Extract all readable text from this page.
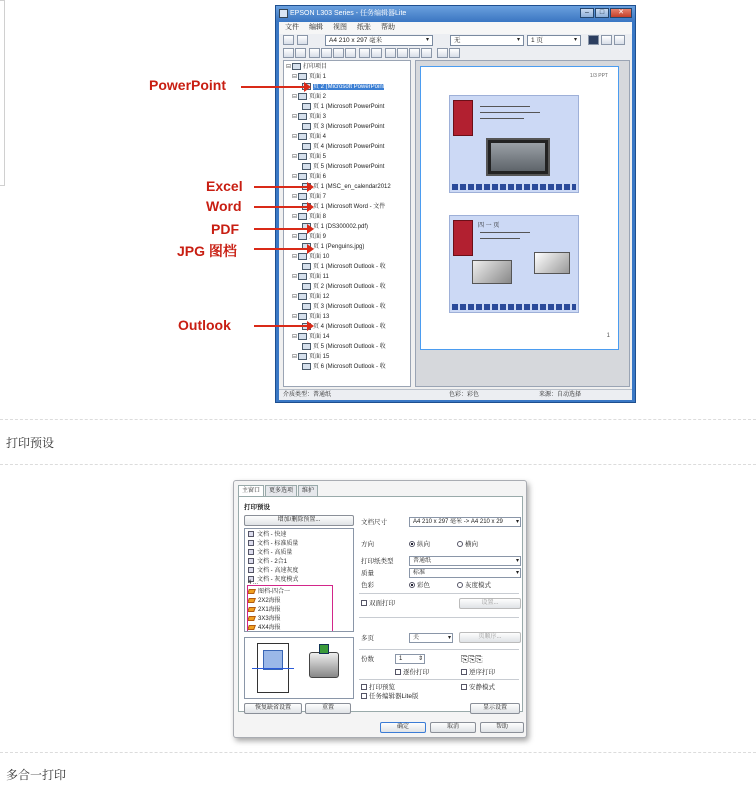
EPSON L303 Series - 任务编辑器Lite	–	□	✕
文件 编辑 视图 纸张 帮助
A4 210 x 297 毫米	▾	无	▾	1 页	▾
⊟ 打印项目
⊟ 页面 1
页 2 (Microsoft PowerPoint
⊟ 页面 2
页 1 (Microsoft PowerPoint
⊟ 页面 3
页 3 (Microsoft PowerPoint
⊟ 页面 4
页 4 (Microsoft PowerPoint
⊟ 页面 5
页 5 (Microsoft PowerPoint
⊟ 页面 6
页 1 (MSC_en_calendar2012
⊟ 页面 7
页 1 (Microsoft Word - 文件
⊟ 页面 8
页 1 (DS300002.pdf)
⊟ 页面 9
页 1 (Penguins.jpg)
⊟ 页面 10
页 1 (Microsoft Outlook - 收
⊟ 页面 11
页 2 (Microsoft Outlook - 收
⊟ 页面 12
页 3 (Microsoft Outlook - 收
⊟ 页面 13
页 4 (Microsoft Outlook - 收
⊟ 页面 14
页 5 (Microsoft Outlook - 收
⊟ 页面 15
页 6 (Microsoft Outlook - 收
1/3 PPT
四 一 页
1
介质类型：普通纸	色彩：彩色	来源：自动选择
PowerPoint
Excel
Word
PDF
JPG 图档
Outlook
打印预设
主窗口	更多选项	维护
打印预设
增加/删除预置...
文档 - 快速
文档 - 标准质量
文档 - 高质量
文档 - 2合1
文档 - 高速灰度
文档 - 灰度模式
4 ...
图档-四合一
2X2海报
2X1海报
3X3海报
4X4海报
恢复缺省设置	重置
文档尺寸	A4 210 x 297 毫米 -> A4 210 x 29 ▾
方向	纵向	横向
打印纸类型	普通纸	▾
质量	标准	▾
色彩	彩色	灰度模式
双面打印	设置...
多页	关	▾	页顺序...
份数	1	⇕	⎘⎘⎘
逐份打印	逆序打印
打印预览	安静模式
任务编辑器Lite版
显示设置
确定	取消	帮助
多合一打印
